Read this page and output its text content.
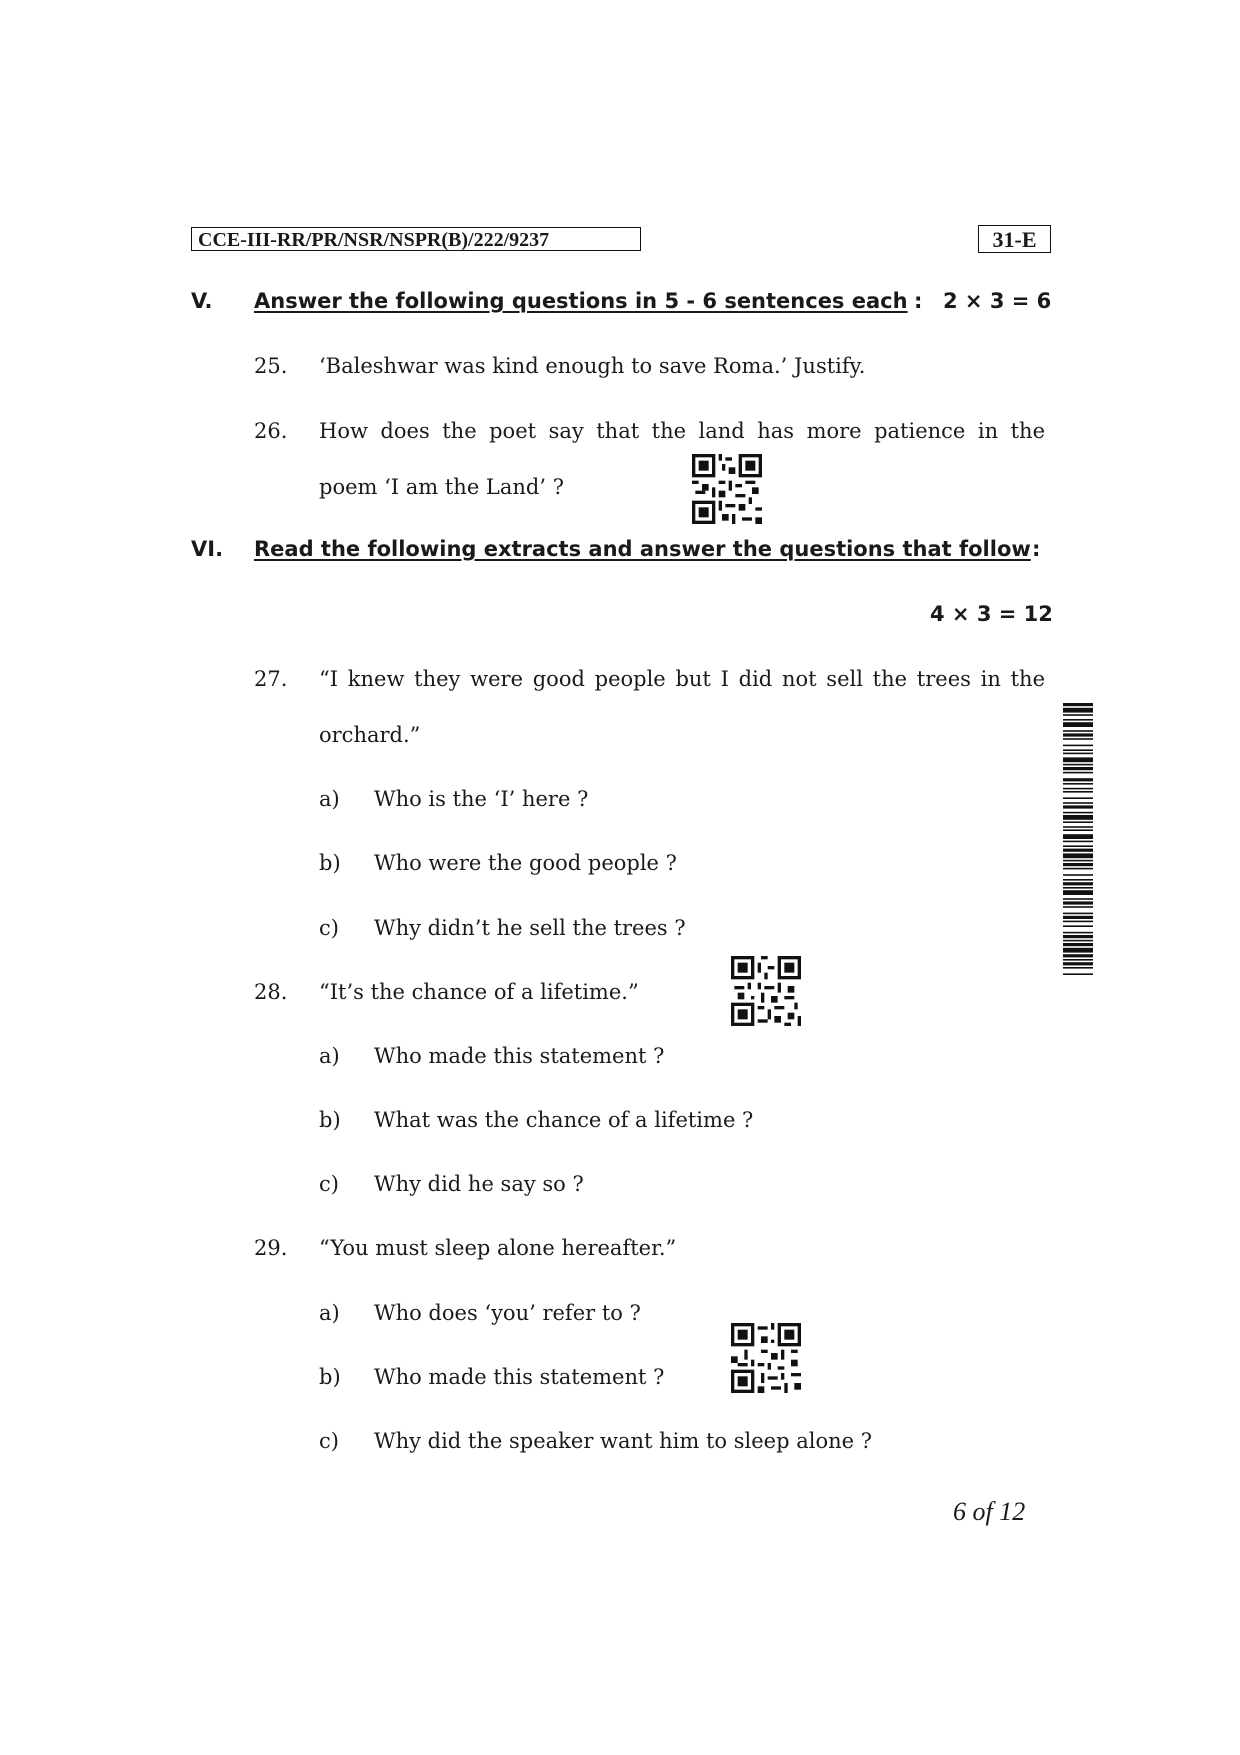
CCE-III-RR/PR/NSR/NSPR(B)/222/9237	31-E
V. Answer the following questions in 5 - 6 sentences each : 2 × 3 = 6
25. ‘Baleshwar was kind enough to save Roma.’ Justify.
26. How does the poet say that the land has more patience in the
poem ‘I am the Land’ ?
VI. Read the following extracts and answer the questions that follow :
4 × 3 = 12
27. “I knew they were good people but I did not sell the trees in the
orchard.”
a) Who is the ‘I’ here ?
b) Who were the good people ?
c) Why didn’t he sell the trees ?
28. “It’s the chance of a lifetime.”
a) Who made this statement ?
b) What was the chance of a lifetime ?
c) Why did he say so ?
29. “You must sleep alone hereafter.”
a) Who does ‘you’ refer to ?
b) Who made this statement ?
c) Why did the speaker want him to sleep alone ?
6 of 12
